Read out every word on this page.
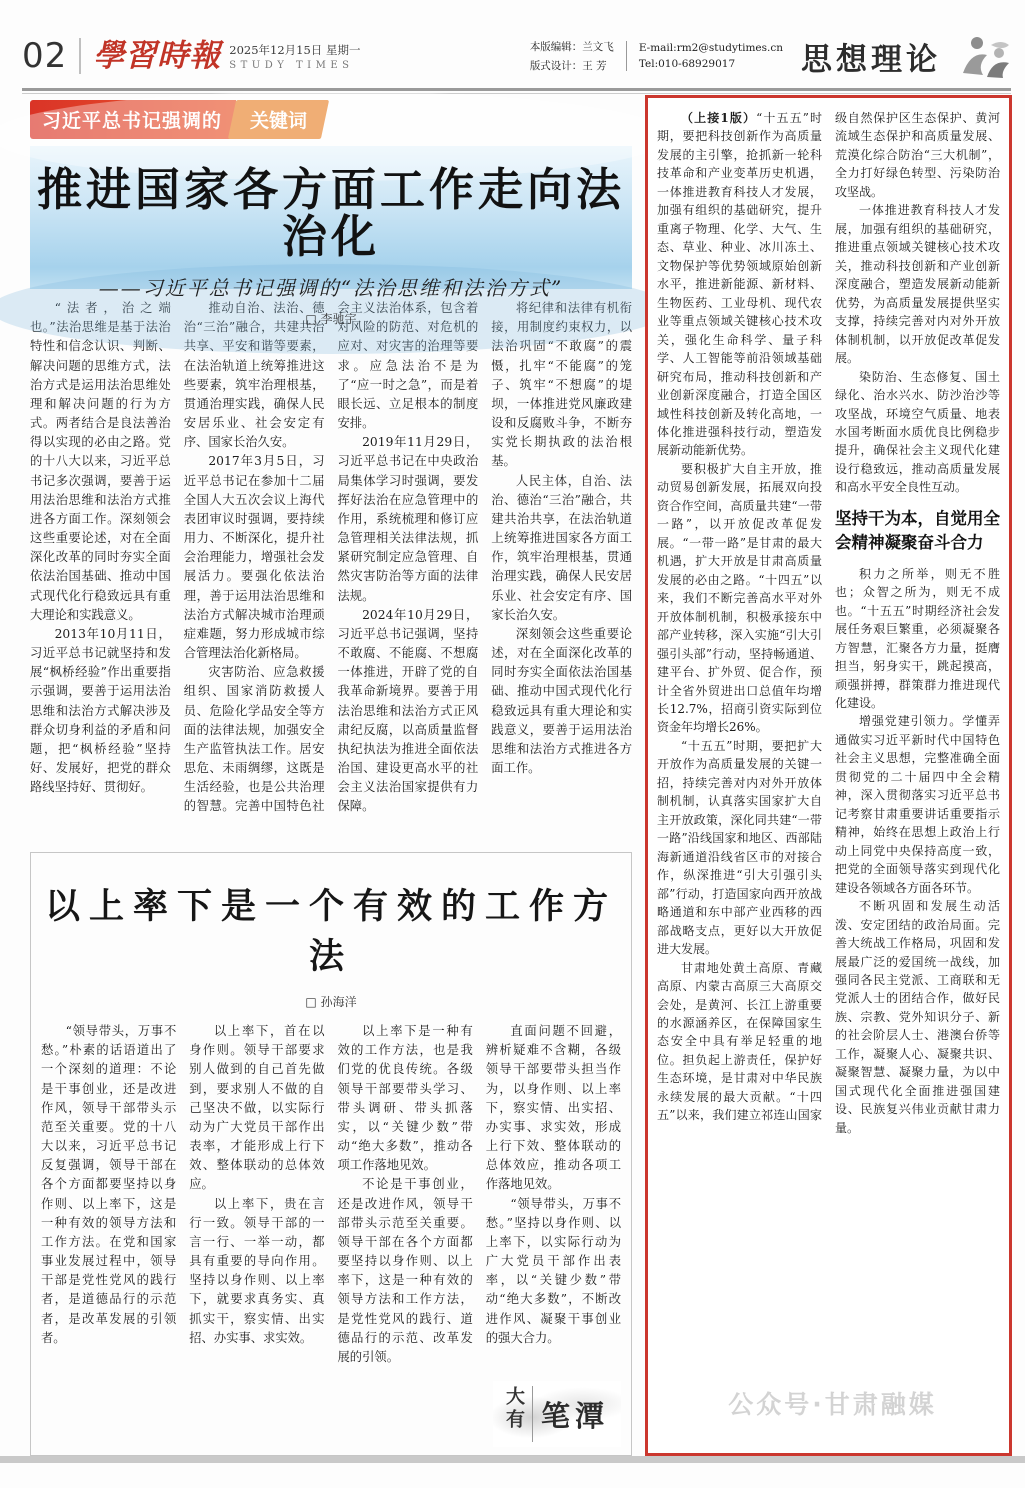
02 學習時報 2025年12月15日 星期一
STUDY TIMES
本版编辑：兰文飞
版式设计：王 芳
E-mail:rm2@studytimes.cn
Tel:010-68929017	思想理论
习近平总书记强调的	关键词
推进国家各方面工作走向法治化
——习近平总书记强调的“法治思维和法治方式”
□ 李驰宇

“法者，治之端也。”法治思维是基于法治特性和信念认识、判断、解决问题的思维方式，法治方式是运用法治思维处理和解决问题的行为方式。两者结合是良法善治得以实现的必由之路。党的十八大以来，习近平总书记多次强调，要善于运用法治思维和法治方式推进各方面工作。深刻领会这些重要论述，对在全面深化改革的同时夯实全面依法治国基础、推动中国式现代化行稳致远具有重大理论和实践意义。

2013年10月11日，习近平总书记就坚持和发展“枫桥经验”作出重要指示强调，要善于运用法治思维和法治方式解决涉及群众切身利益的矛盾和问题，把“枫桥经验”坚持好、发展好，把党的群众路线坚持好、贯彻好。

推动自治、法治、德治“三治”融合，共建共治共享、平安和谐等要素，在法治轨道上统筹推进这些要素，筑牢治理根基，贯通治理实践，确保人民安居乐业、社会安定有序、国家长治久安。

2017年3月5日，习近平总书记在参加十二届全国人大五次会议上海代表团审议时强调，要持续用力、不断深化，提升社会治理能力，增强社会发展活力。要强化依法治理，善于运用法治思维和法治方式解决城市治理顽症难题，努力形成城市综合管理法治化新格局。

灾害防治、应急救援组织、国家消防救援人员、危险化学品安全等方面的法律法规，加强安全生产监管执法工作。居安思危、未雨绸缪，这既是生活经验，也是公共治理的智慧。完善中国特色社会主义法治体系，包含着对风险的防范、对危机的应对、对灾害的治理等要求。应急法治不是为了“应一时之急”，而是着眼长远、立足根本的制度安排。

2019年11月29日，习近平总书记在中央政治局集体学习时强调，要发挥好法治在应急管理中的作用，系统梳理和修订应急管理相关法律法规，抓紧研究制定应急管理、自然灾害防治等方面的法律法规。

2024年10月29日，习近平总书记强调，坚持不敢腐、不能腐、不想腐一体推进，开辟了党的自我革命新境界。要善于用法治思维和法治方式正风肃纪反腐，以高质量监督执纪执法为推进全面依法治国、建设更高水平的社会主义法治国家提供有力保障。

将纪律和法律有机衔接，用制度约束权力，以法治巩固“不敢腐”的震慑，扎牢“不能腐”的笼子、筑牢“不想腐”的堤坝，一体推进党风廉政建设和反腐败斗争，不断夯实党长期执政的法治根基。

人民主体，自治、法治、德治“三治”融合，共建共治共享，在法治轨道上统筹推进国家各方面工作，筑牢治理根基，贯通治理实践，确保人民安居乐业、社会安定有序、国家长治久安。

深刻领会这些重要论述，对在全面深化改革的同时夯实全面依法治国基础、推动中国式现代化行稳致远具有重大理论和实践意义，要善于运用法治思维和法治方式推进各方面工作。

以上率下是一个有效的工作方法
□ 孙海洋

“领导带头，万事不愁。”朴素的话语道出了一个深刻的道理：不论是干事创业，还是改进作风，领导干部带头示范至关重要。党的十八大以来，习近平总书记反复强调，领导干部在各个方面都要坚持以身作则、以上率下，这是一种有效的领导方法和工作方法。在党和国家事业发展过程中，领导干部是党性党风的践行者，是道德品行的示范者，是改革发展的引领者。

以上率下，首在以身作则。领导干部要求别人做到的自己首先做到，要求别人不做的自己坚决不做，以实际行动为广大党员干部作出表率，才能形成上行下效、整体联动的总体效应。

以上率下，贵在言行一致。领导干部的一言一行、一举一动，都具有重要的导向作用。坚持以身作则、以上率下，就要求真务实、真抓实干，察实情、出实招、办实事、求实效。

以上率下是一种有效的工作方法，也是我们党的优良传统。各级领导干部要带头学习、带头调研、带头抓落实，以“关键少数”带动“绝大多数”，推动各项工作落地见效。

不论是干事创业，还是改进作风，领导干部带头示范至关重要。领导干部在各个方面都要坚持以身作则、以上率下，这是一种有效的领导方法和工作方法，是党性党风的践行、道德品行的示范、改革发展的引领。

直面问题不回避，辨析疑难不含糊，各级领导干部要带头担当作为，以身作则、以上率下，察实情、出实招、办实事、求实效，形成上行下效、整体联动的总体效应，推动各项工作落地见效。

“领导带头，万事不愁。”坚持以身作则、以上率下，以实际行动为广大党员干部作出表率，以“关键少数”带动“绝大多数”，不断改进作风、凝聚干事创业的强大合力。

大有 笔潭

（上接1版）“十五五”时期，要把科技创新作为高质量发展的主引擎，抢抓新一轮科技革命和产业变革历史机遇，一体推进教育科技人才发展，加强有组织的基础研究，提升重离子物理、化学、大气、生态、草业、种业、冰川冻土、文物保护等优势领域原始创新水平，推进新能源、新材料、生物医药、工业母机、现代农业等重点领域关键核心技术攻关，强化生命科学、量子科学、人工智能等前沿领域基础研究布局，推动科技创新和产业创新深度融合，打造全国区域性科技创新及转化高地，一体化推进强科技行动，塑造发展新动能新优势。

要积极扩大自主开放，推动贸易创新发展，拓展双向投资合作空间，高质量共建“一带一路”，以开放促改革促发展。“一带一路”是甘肃的最大机遇，扩大开放是甘肃高质量发展的必由之路。“十四五”以来，我们不断完善高水平对外开放体制机制，积极承接东中部产业转移，深入实施“引大引强引头部”行动，坚持畅通道、建平台、扩外贸、促合作，预计全省外贸进出口总值年均增长12.7%，招商引资实际到位资金年均增长26%。

“十五五”时期，要把扩大开放作为高质量发展的关键一招，持续完善对内对外开放体制机制，认真落实国家扩大自主开放政策，深化同共建“一带一路”沿线国家和地区、西部陆海新通道沿线省区市的对接合作，纵深推进“引大引强引头部”行动，打造国家向西开放战略通道和东中部产业西移的西部战略支点，更好以大开放促进大发展。

甘肃地处黄土高原、青藏高原、内蒙古高原三大高原交会处，是黄河、长江上游重要的水源涵养区，在保障国家生态安全中具有举足轻重的地位。担负起上游责任，保护好生态环境，是甘肃对中华民族永续发展的最大贡献。“十四五”以来，我们建立祁连山国家级自然保护区生态保护、黄河流域生态保护和高质量发展、荒漠化综合防治“三大机制”，全力打好绿色转型、污染防治攻坚战。

一体推进教育科技人才发展，加强有组织的基础研究，推进重点领域关键核心技术攻关，推动科技创新和产业创新深度融合，塑造发展新动能新优势，为高质量发展提供坚实支撑，持续完善对内对外开放体制机制，以开放促改革促发展。

染防治、生态修复、国土绿化、治水兴水、防沙治沙等攻坚战，环境空气质量、地表水国考断面水质优良比例稳步提升，确保社会主义现代化建设行稳致远，推动高质量发展和高水平安全良性互动。

坚持干为本，自觉用全会精神凝聚奋斗合力

积力之所举，则无不胜也；众智之所为，则无不成也。“十五五”时期经济社会发展任务艰巨繁重，必须凝聚各方智慧，汇聚各方力量，挺膺担当，躬身实干，跳起摸高，顽强拼搏，群策群力推进现代化建设。

增强党建引领力。学懂弄通做实习近平新时代中国特色社会主义思想，完整准确全面贯彻党的二十届四中全会精神，深入贯彻落实习近平总书记考察甘肃重要讲话重要指示精神，始终在思想上政治上行动上同党中央保持高度一致，把党的全面领导落实到现代化建设各领域各方面各环节。

不断巩固和发展生动活泼、安定团结的政治局面。完善大统战工作格局，巩固和发展最广泛的爱国统一战线，加强同各民主党派、工商联和无党派人士的团结合作，做好民族、宗教、党外知识分子、新的社会阶层人士、港澳台侨等工作，凝聚人心、凝聚共识、凝聚智慧、凝聚力量，为以中国式现代化全面推进强国建设、民族复兴伟业贡献甘肃力量。

公众号·甘肃融媒
